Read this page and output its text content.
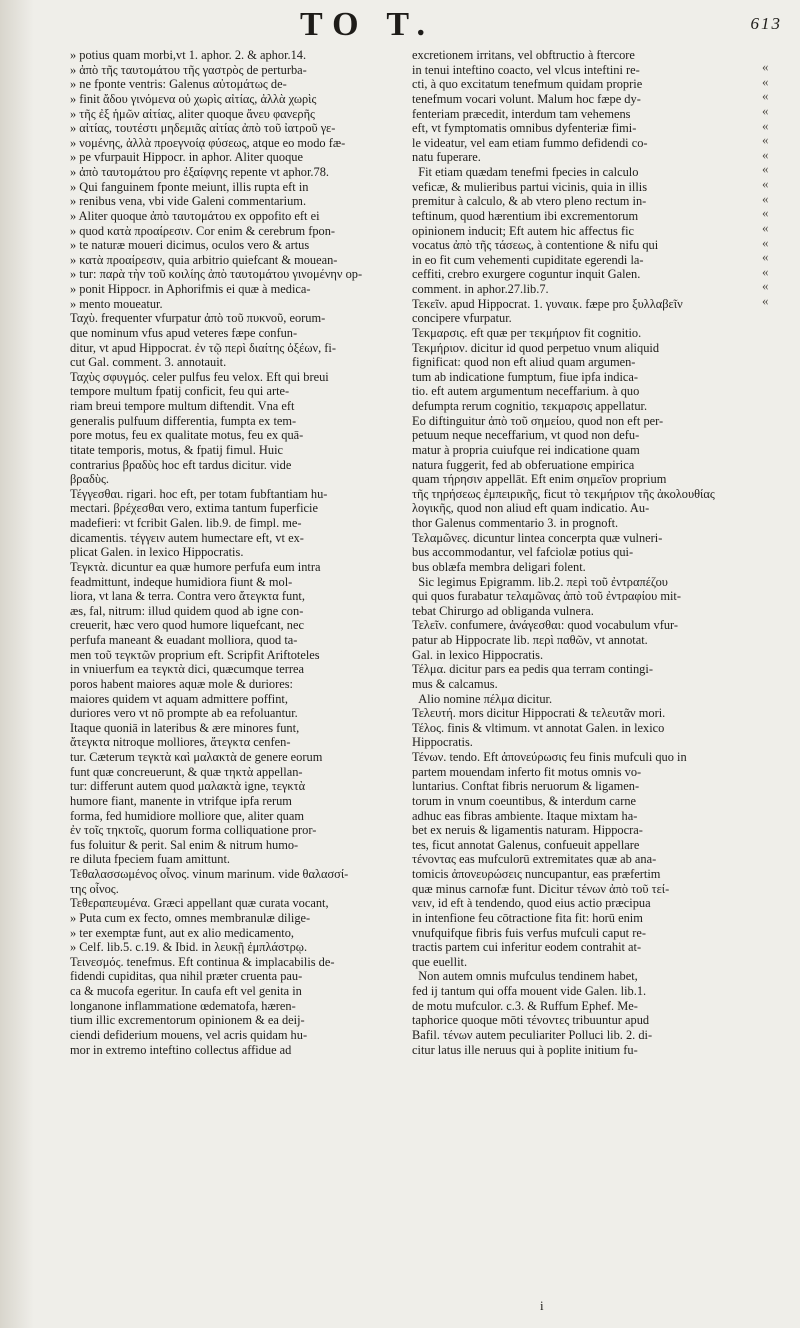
TO T.	613

» potius quam morbi,vt 1. aphor. 2. & aphor.14.

» ἀπὸ τῆς ταυτομάτου τῆς γαστρὸς de perturba-

» ne fponte ventris: Galenus αὐτομάτως de-

» finit ἄδου γινόμενα οὐ χωρὶς αἰτίας, ἀλλὰ χωρὶς

» τῆς ἐξ ἡμῶν αἰτίας, aliter quoque ἄνευ φανερῆς

» αἰτίας, τουτέστι μηδεμιᾶς αἰτίας ἀπὸ τοῦ ἰατροῦ γε-

» νομένης, ἀλλὰ προεγνοίᾳ φύσεως, atque eo modo fæ-

» pe vfurpauit Hippocr. in aphor. Aliter quoque

» ἀπὸ ταυτομάτου pro ἐξαίφνης repente vt aphor.78.

» Qui fanguinem fponte meiunt, illis rupta eft in

» renibus vena, vbi vide Galeni commentarium.

» Aliter quoque ἀπὸ ταυτομάτου ex oppofito eft ei

» quod κατὰ προαίρεσιν. Cor enim & cerebrum fpon-

» te naturæ moueri dicimus, oculos vero & artus

» κατὰ προαίρεσιν, quia arbitrio quiefcant & mouean-

» tur: παρὰ τὴν τοῦ κοιλίης ἀπὸ ταυτομάτου γινομένην op-

» ponit Hippocr. in Aphorifmis ei quæ à medica-

» mento moueatur.

Ταχὺ. frequenter vfurpatur ἀπὸ τοῦ πυκνοῦ, eorum-

que nominum vfus apud veteres fæpe confun-

ditur, vt apud Hippocrat. ἐν τῷ περὶ διαίτης ὀξέων, fi-

cut Gal. comment. 3. annotauit.

Ταχὺς σφυγμός. celer pulfus feu velox. Eft qui breui

tempore multum fpatij conficit, feu qui arte-

riam breui tempore multum diftendit. Vna eft

generalis pulfuum differentia, fumpta ex tem-

pore motus, feu ex qualitate motus, feu ex quā-

titate temporis, motus, & fpatij fimul. Huic

contrarius βραδὺς hoc eft tardus dicitur. vide

βραδὺς.

Τέγγεσθαι. rigari. hoc eft, per totam fubftantiam hu-

mectari. βρέχεσθαι vero, extima tantum fuperficie

madefieri: vt fcribit Galen. lib.9. de fimpl. me-

dicamentis. τέγγειν autem humectare eft, vt ex-

plicat Galen. in lexico Hippocratis.

Τεγκτὰ. dicuntur ea quæ humore perfufa eum intra

feadmittunt, indeque humidiora fiunt & mol-

liora, vt lana & terra. Contra vero ἄτεγκτα funt,

æs, fal, nitrum: illud quidem quod ab igne con-

creuerit, hæc vero quod humore liquefcant, nec

perfufa maneant & euadant molliora, quod ta-

men τοῦ τεγκτῶν proprium eft. Scripfit Ariftoteles

in vniuerfum ea τεγκτὰ dici, quæcumque terrea

poros habent maiores aquæ mole & duriores:

maiores quidem vt aquam admittere poffint,

duriores vero vt nō prompte ab ea refoluantur.

Itaque quoniā in lateribus & ære minores funt,

ἄτεγκτα nitroque molliores, ἄτεγκτα cenfen-

tur. Cæterum τεγκτὰ καὶ μαλακτὰ de genere eorum

funt quæ concreuerunt, & quæ τηκτὰ appellan-

tur: differunt autem quod μαλακτὰ igne, τεγκτὰ

humore fiant, manente in vtrifque ipfa rerum

forma, fed humidiore molliore que, aliter quam

ἐν τοῖς τηκτοῖς, quorum forma colliquatione pror-

fus foluitur & perit. Sal enim & nitrum humo-

re diluta fpeciem fuam amittunt.

Τεθαλασσωμένος οἶνος. vinum marinum. vide θαλασσί-

της οἶνος.

Τεθεραπευμένα. Græci appellant quæ curata vocant,

» Puta cum ex fecto, omnes membranulæ dilige-

» ter exemptæ funt, aut ex alio medicamento,

» Celf. lib.5. c.19. & Ibid. in λευκῇ ἐμπλάστρῳ.

Τεινεσμός. tenefmus. Eft continua & implacabilis de-

fidendi cupiditas, qua nihil præter cruenta pau-

ca & mucofa egeritur. In caufa eft vel genita in

longanone inflammatione œdematofa, hæren-

tium illic excrementorum opinionem & ea deij-

ciendi defiderium mouens, vel acris quidam hu-

mor in extremo inteftino collectus affidue ad

excretionem irritans, vel obftructio à ftercore

in tenui inteftino coacto, vel vlcus inteftini re-

cti, à quo excitatum tenefmum quidam proprie

tenefmum vocari volunt. Malum hoc fæpe dy-

fenteriam præcedit, interdum tam vehemens

eft, vt fymptomatis omnibus dyfenteriæ fimi-

le videatur, vel eam etiam fummo defidendi co-

natu fuperare.

Fit etiam quædam tenefmi fpecies in calculo

veficæ, & mulieribus partui vicinis, quia in illis

premitur à calculo, & ab vtero pleno rectum in-

teftinum, quod hærentium ibi excrementorum

opinionem inducit; Eft autem hic affectus fic

vocatus ἀπὸ τῆς τάσεως, à contentione & nifu qui

in eo fit cum vehementi cupiditate egerendi la-

ceffiti, crebro exurgere coguntur inquit Galen.

comment. in aphor.27.lib.7.

Τεκεῖν. apud Hippocrat. 1. γυναικ. fæpe pro ξυλλαβεῖν

concipere vfurpatur.

Τεκμαρσις. eft quæ per τεκμήριον fit cognitio.

Τεκμήριον. dicitur id quod perpetuo vnum aliquid

fignificat: quod non eft aliud quam argumen-

tum ab indicatione fumptum, fiue ipfa indica-

tio. eft autem argumentum neceffarium. à quo

defumpta rerum cognitio, τεκμαρσις appellatur.

Eo diftinguitur ἀπὸ τοῦ σημείου, quod non eft per-

petuum neque neceffarium, vt quod non defu-

matur à propria cuiufque rei indicatione quam

natura fuggerit, fed ab obferuatione empirica

quam τήρησιν appellāt. Eft enim σημεῖον proprium

τῆς τηρήσεως ἐμπειρικῆς, ficut τὸ τεκμήριον τῆς ἀκολουθίας

λογικῆς, quod non aliud eft quam indicatio. Au-

thor Galenus commentario 3. in prognoft.

Τελαμῶνες. dicuntur lintea concerpta quæ vulneri-

bus accommodantur, vel fafciolæ potius qui-

bus oblæfa membra deligari folent.

Sic legimus Epigramm. lib.2. περὶ τοῦ ἐντραπέζου

qui quos furabatur τελαμῶνας ἀπὸ τοῦ ἐντραφίου mit-

tebat Chirurgo ad obliganda vulnera.

Τελεῖν. confumere, ἀνάγεσθαι: quod vocabulum vfur-

patur ab Hippocrate lib. περὶ παθῶν, vt annotat.

Gal. in lexico Hippocratis.

Τέλμα. dicitur pars ea pedis qua terram contingi-

mus & calcamus.

Alio nomine πέλμα dicitur.

Τελευτή. mors dicitur Hippocrati & τελευτᾶν mori.

Τέλος. finis & vltimum. vt annotat Galen. in lexico

Hippocratis.

Τένων. tendo. Eft ἀπονεύρωσις feu finis mufculi quo in

partem mouendam inferto fit motus omnis vo-

luntarius. Conftat fibris neruorum & ligamen-

torum in vnum coeuntibus, & interdum carne

adhuc eas fibras ambiente. Itaque mixtam ha-

bet ex neruis & ligamentis naturam. Hippocra-

tes, ficut annotat Galenus, confueuit appellare

τένοντας eas mufculorū extremitates quæ ab ana-

tomicis ἀπονευρώσεις nuncupantur, eas præfertim

quæ minus carnofæ funt. Dicitur τένων ἀπὸ τοῦ τεί-

νειν, id eft à tendendo, quod eius actio præcipua

in intenfione feu cōtractione fita fit: horū enim

vnufquifque fibris fuis verfus mufculi caput re-

tractis partem cui inferitur eodem contrahit at-

que euellit.

Non autem omnis mufculus tendinem habet,

fed ij tantum qui offa mouent vide Galen. lib.1.

de motu mufculor. c.3. & Ruffum Ephef. Me-

taphorice quoque mōti τένοντες tribuuntur apud

Bafil. τένων autem peculiariter Polluci lib. 2. di-

citur latus ille neruus qui à poplite initium fu-

«

«

«

«

«

«

«

«

«

«

«

«

«

«

«

«

«

i
